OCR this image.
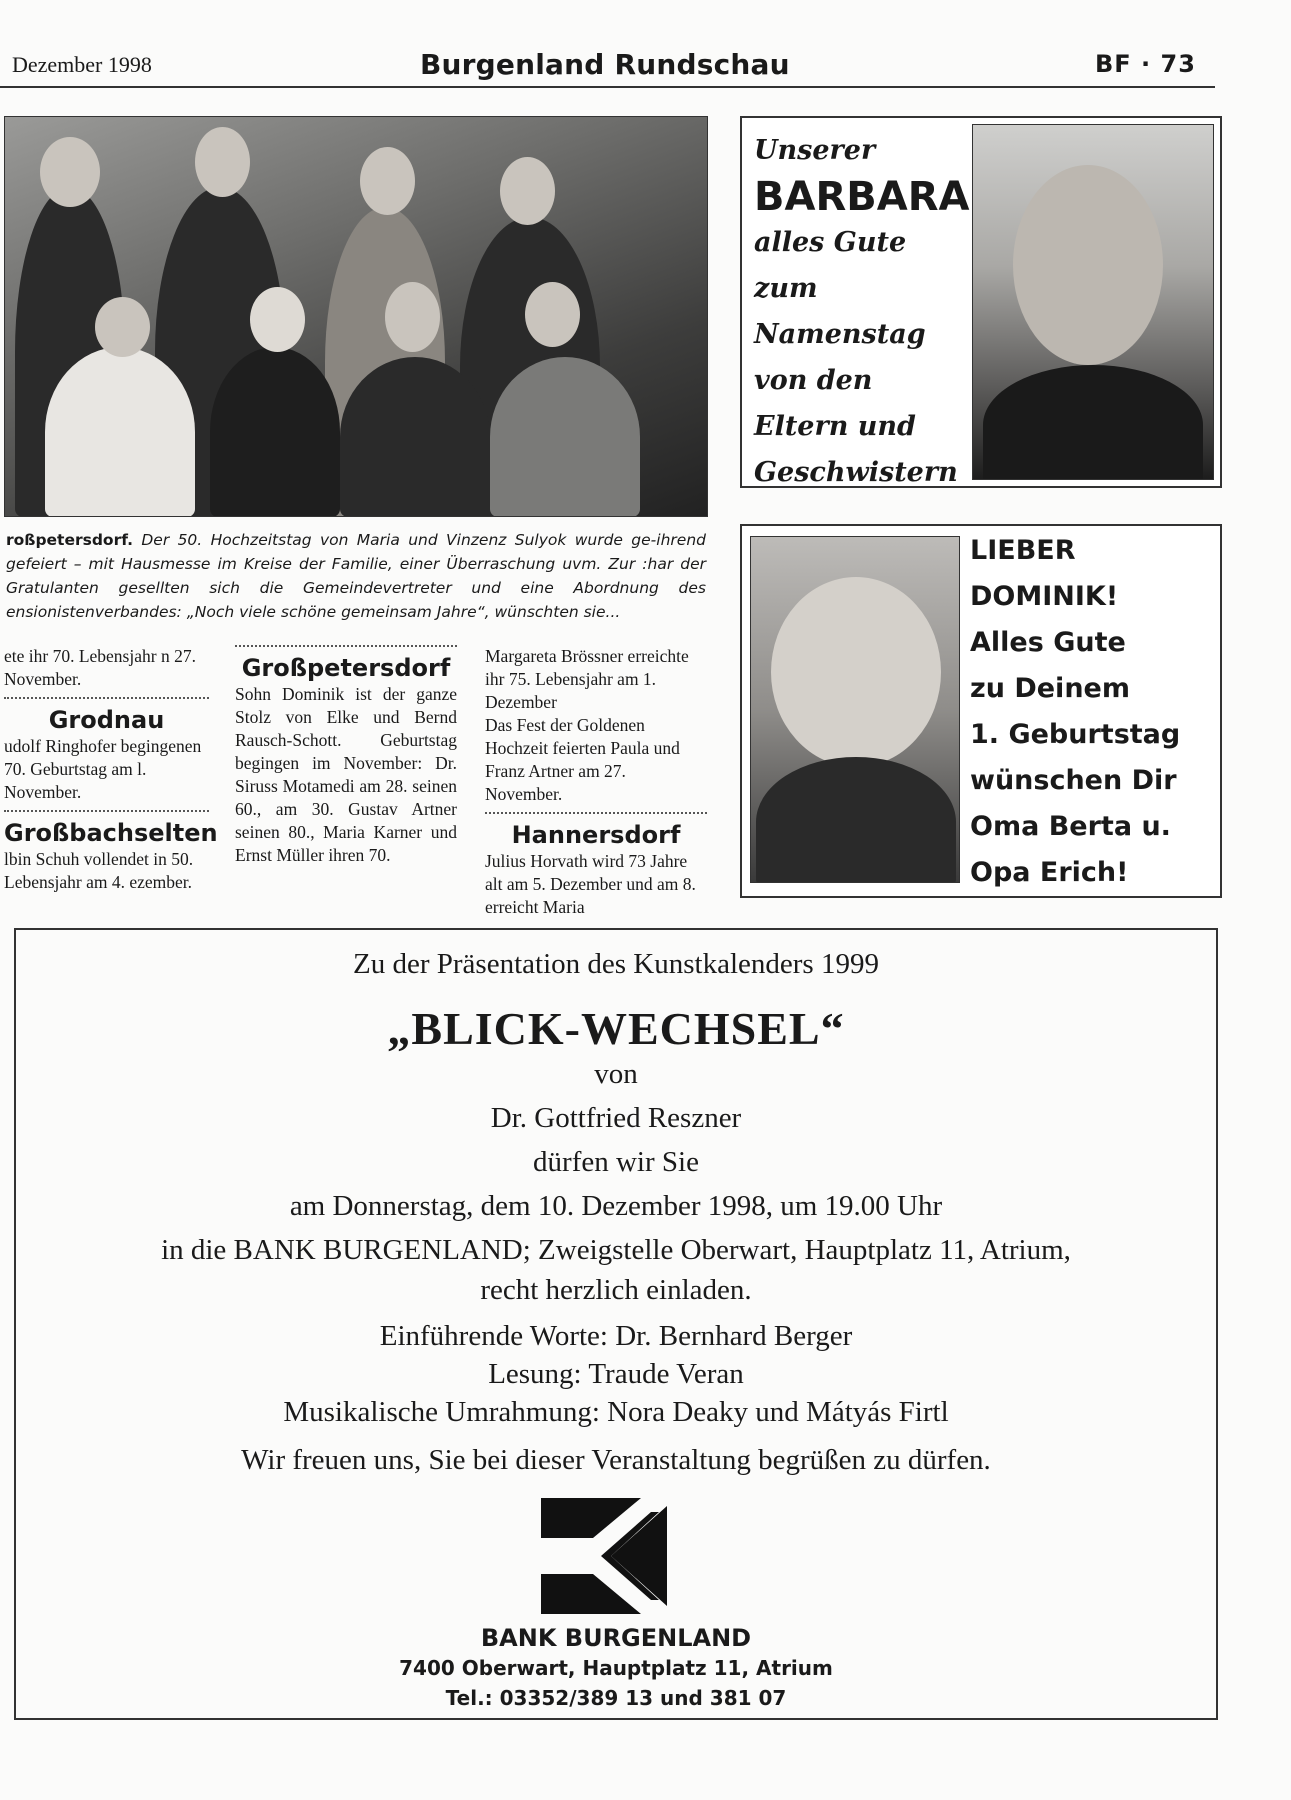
Dezember 1998	Burgenland Rundschau	BF · 73
roßpetersdorf. Der 50. Hochzeitstag von Maria und Vinzenz Sulyok wurde ge-ihrend gefeiert – mit Hausmesse im Kreise der Familie, einer Überraschung uvm. Zur :har der Gratulanten gesellten sich die Gemeindevertreter und eine Abordnung des ensionistenverbandes: „Noch viele schöne gemeinsam Jahre“, wünschten sie...

ete ihr 70. Lebensjahr n 27. November.

Grodnau

udolf Ringhofer begingenen 70. Geburtstag am l. November.

Großbachselten

lbin Schuh vollendet in 50. Lebensjahr am 4. ezember.

Großpetersdorf

Sohn Dominik ist der ganze Stolz von Elke und Bernd Rausch-Schott. Geburtstag begingen im November: Dr. Siruss Motamedi am 28. seinen 60., am 30. Gustav Artner seinen 80., Maria Karner und Ernst Müller ihren 70.

Margareta Brössner erreichte ihr 75. Lebensjahr am 1. Dezember

Das Fest der Goldenen Hochzeit feierten Paula und Franz Artner am 27. November.

Hannersdorf

Julius Horvath wird 73 Jahre alt am 5. Dezember und am 8. erreicht Maria

Unserer
BARBARA
alles Gute
zum Namenstag
von den
Eltern und
Geschwistern
LIEBER
DOMINIK!
Alles Gute
zu Deinem
1. Geburtstag
wünschen Dir
Oma Berta u.
Opa Erich!
Zu der Präsentation des Kunstkalenders 1999
„BLICK-WECHSEL“
von
Dr. Gottfried Reszner
dürfen wir Sie
am Donnerstag, dem 10. Dezember 1998, um 19.00 Uhr
in die BANK BURGENLAND; Zweigstelle Oberwart, Hauptplatz 11, Atrium,
recht herzlich einladen.
Einführende Worte: Dr. Bernhard Berger
Lesung: Traude Veran
Musikalische Umrahmung: Nora Deaky und Mátyás Firtl
Wir freuen uns, Sie bei dieser Veranstaltung begrüßen zu dürfen.
BANK BURGENLAND
7400 Oberwart, Hauptplatz 11, Atrium
Tel.: 03352/389 13 und 381 07
